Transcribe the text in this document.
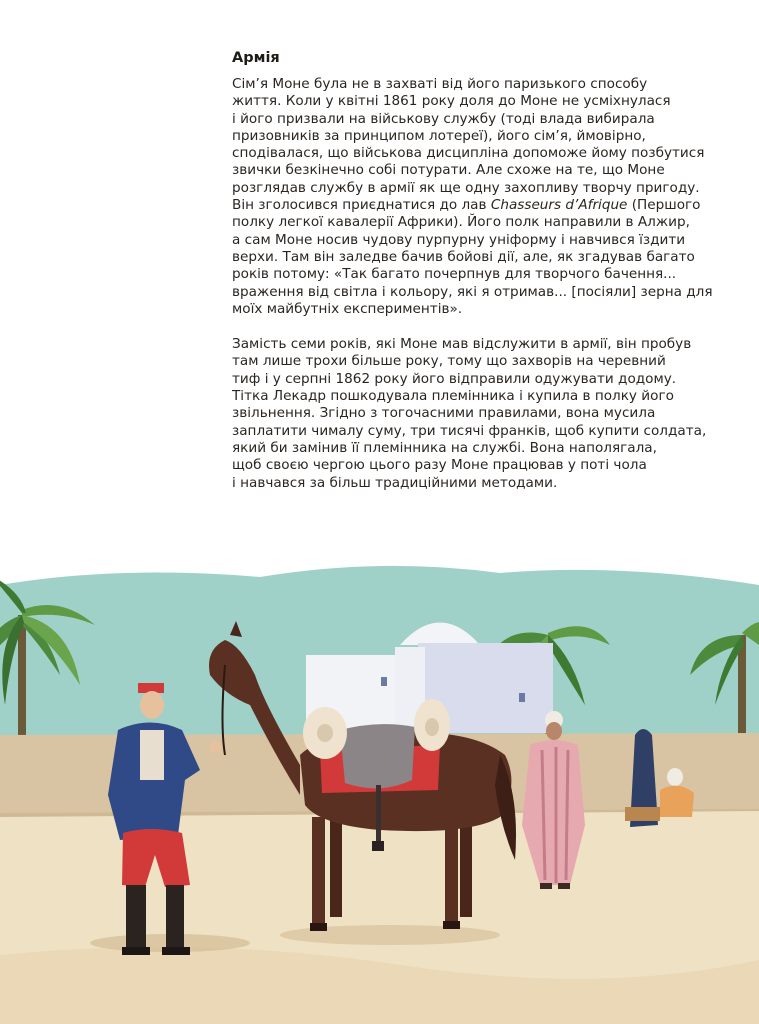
Армія

Сім’я Моне була не в захваті від його паризького способу
життя. Коли у квітні 1861 року доля до Моне не усміхнулася
і його призвали на військову службу (тоді влада вибирала
призовників за принципом лотереї), його сім’я, ймовірно,
сподівалася, що військова дисципліна допоможе йому позбутися
звички безкінечно собі потурати. Але схоже на те, що Моне
розглядав службу в армії як ще одну захопливу творчу пригоду.
Він зголосився приєднатися до лав Chasseurs d’Afrique (Першого
полку легкої кавалерії Африки). Його полк направили в Алжир,
а сам Моне носив чудову пурпурну уніформу і навчився їздити
верхи. Там він заледве бачив бойові дії, але, як згадував багато
років потому: «Так багато почерпнув для творчого бачення...
враження від світла і кольору, які я отримав... [посіяли] зерна для
моїх майбутніх експериментів».

Замість семи років, які Моне мав відслужити в армії, він пробув
там лише трохи більше року, тому що захворів на черевний
тиф і у серпні 1862 року його відправили одужувати додому.
Тітка Лекадр пошкодувала племінника і купила в полку його
звільнення. Згідно з тогочасними правилами, вона мусила
заплатити чималу суму, три тисячі франків, щоб купити солдата,
який би замінив її племінника на службі. Вона наполягала,
щоб своєю чергою цього разу Моне працював у поті чола
і навчався за більш традиційними методами.
